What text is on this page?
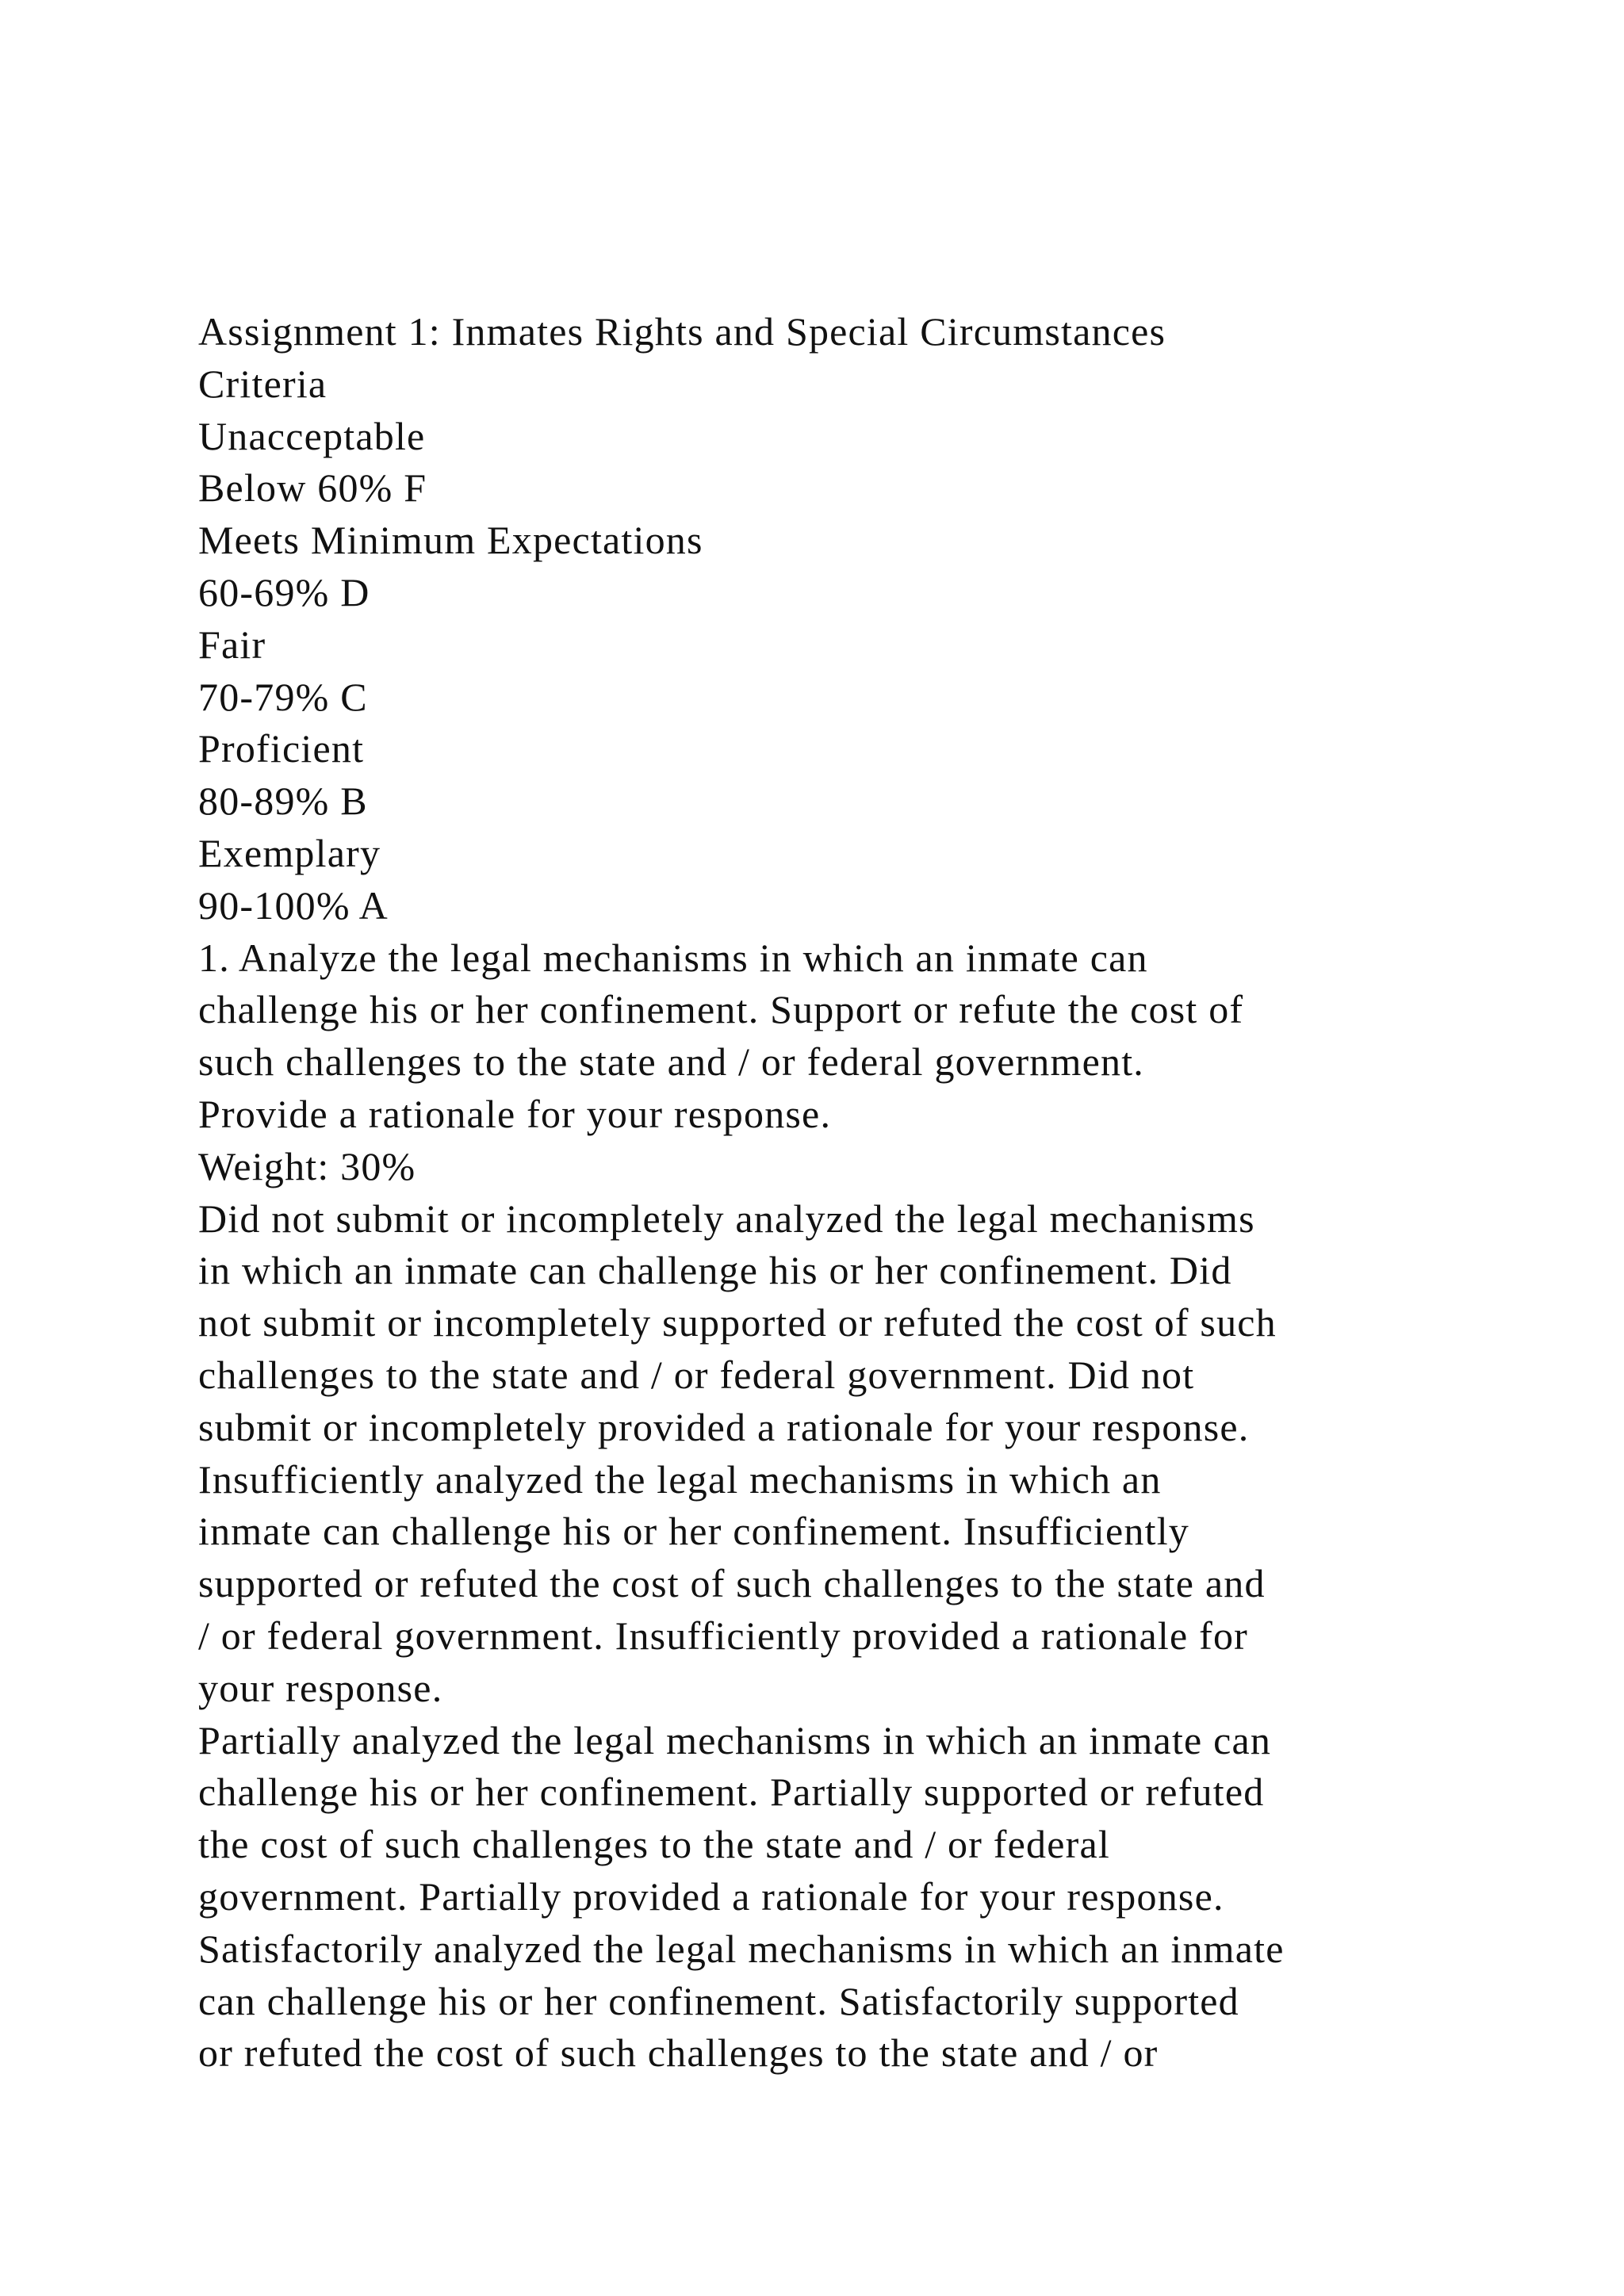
Assignment 1: Inmates Rights and Special Circumstances

Criteria

Unacceptable

Below 60% F

Meets Minimum Expectations

60-69% D

Fair

70-79% C

Proficient

80-89% B

Exemplary

90-100% A

1. Analyze the legal mechanisms in which an inmate can

challenge his or her confinement. Support or refute the cost of

such challenges to the state and / or federal government.

Provide a rationale for your response.

Weight: 30%

Did not submit or incompletely analyzed the legal mechanisms

in which an inmate can challenge his or her confinement. Did

not submit or incompletely supported or refuted the cost of such

challenges to the state and / or federal government. Did not

submit or incompletely provided a rationale for your response.

Insufficiently analyzed the legal mechanisms in which an

inmate can challenge his or her confinement. Insufficiently

supported or refuted the cost of such challenges to the state and

/ or federal government. Insufficiently provided a rationale for

your response.

Partially analyzed the legal mechanisms in which an inmate can

challenge his or her confinement. Partially supported or refuted

the cost of such challenges to the state and / or federal

government. Partially provided a rationale for your response.

Satisfactorily analyzed the legal mechanisms in which an inmate

can challenge his or her confinement. Satisfactorily supported

or refuted the cost of such challenges to the state and / or
